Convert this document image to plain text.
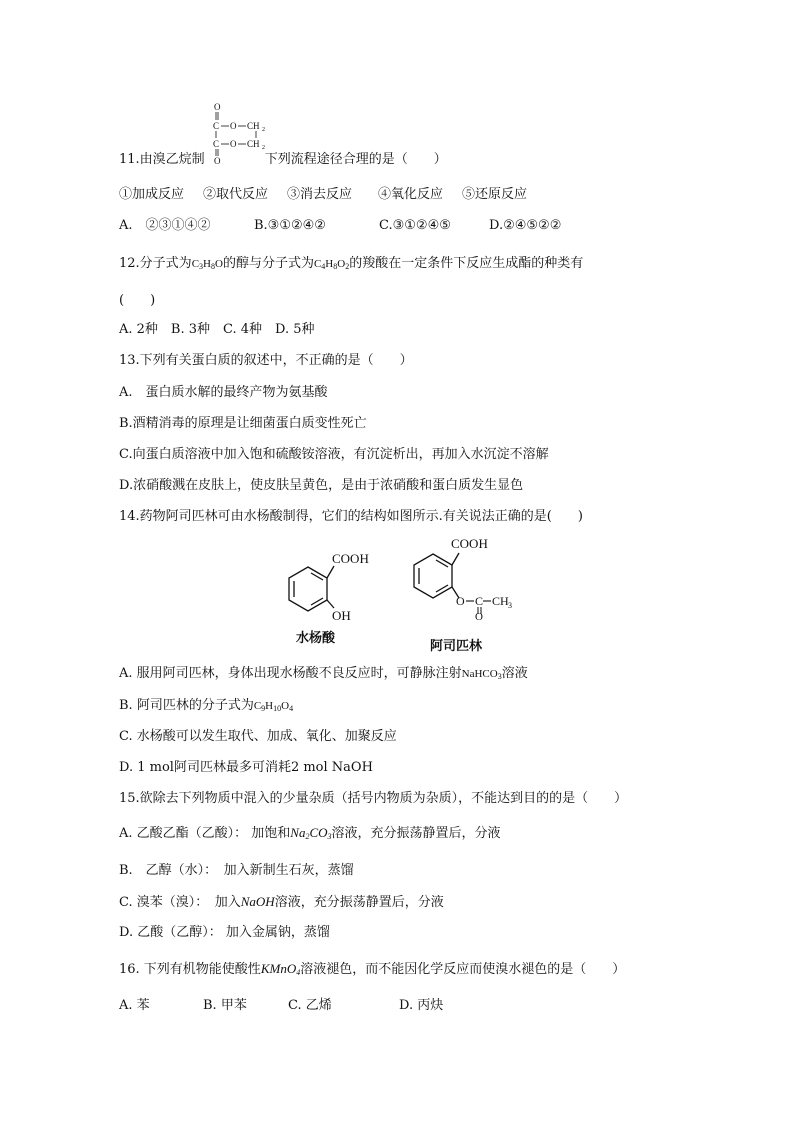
O
C O CH 2
C O CH 2
O
11.由溴乙烷制	下列流程途径合理的是（　　）
①加成反应 ②取代反应 ③消去反应 ④氧化反应 ⑤还原反应
A.　②③①④②	B.③①②④②	C.③①②④⑤	D.②④⑤②②
12.分子式为$C_3H_8O$的醇与分子式为$C_4H_8O_2$的羧酸在一定条件下反应生成酯的种类有
(　　)
A. 2种　B. 3种　C. 4种　D. 5种
13.下列有关蛋白质的叙述中，不正确的是（　　）
A.　蛋白质水解的最终产物为氨基酸
B.酒精消毒的原理是让细菌蛋白质变性死亡
C.向蛋白质溶液中加入饱和硫酸铵溶液，有沉淀析出，再加入水沉淀不溶解
D.浓硝酸溅在皮肤上，使皮肤呈黄色，是由于浓硝酸和蛋白质发生显色
14.药物阿司匹林可由水杨酸制得，它们的结构如图所示.有关说法正确的是(　　)
COOH
OH
水杨酸
COOH
O C CH 3
O
阿司匹林
A. 服用阿司匹林，身体出现水杨酸不良反应时，可静脉注射NaHCO$_3$溶液
B. 阿司匹林的分子式为$C_9H_{10}O_4$
C. 水杨酸可以发生取代、加成、氧化、加聚反应
D. 1 mol阿司匹林最多可消耗2 mol NaOH
15.欲除去下列物质中混入的少量杂质（括号内物质为杂质），不能达到目的的是（　　）
A. 乙酸乙酯（乙酸）： 加饱和$Na_2CO_3$溶液，充分振荡静置后，分液
B.　乙醇（水）：　加入新制生石灰，蒸馏
C. 溴苯（溴）：　加入NaOH溶液，充分振荡静置后，分液
D. 乙酸（乙醇）： 加入金属钠，蒸馏
16. 下列有机物能使酸性KMnO$_4$溶液褪色，而不能因化学反应而使溴水褪色的是（　　）
A. 苯	B. 甲苯	C. 乙烯	D. 丙炔
